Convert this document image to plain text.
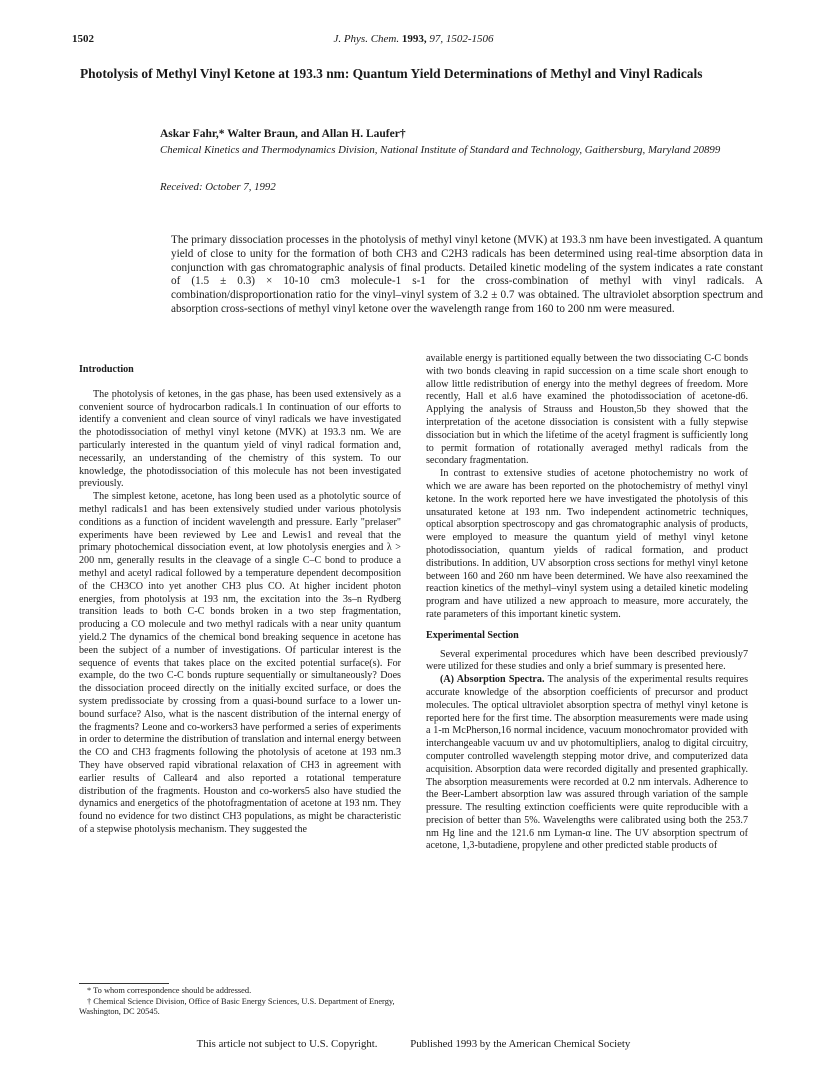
1502	J. Phys. Chem. 1993, 97, 1502-1506
Photolysis of Methyl Vinyl Ketone at 193.3 nm: Quantum Yield Determinations of Methyl and Vinyl Radicals
Askar Fahr,* Walter Braun, and Allan H. Laufer†
Chemical Kinetics and Thermodynamics Division, National Institute of Standard and Technology, Gaithersburg, Maryland 20899
Received: October 7, 1992
The primary dissociation processes in the photolysis of methyl vinyl ketone (MVK) at 193.3 nm have been investigated. A quantum yield of close to unity for the formation of both CH3 and C2H3 radicals has been determined using real-time absorption data in conjunction with gas chromatographic analysis of final products. Detailed kinetic modeling of the system indicates a rate constant of (1.5 ± 0.3) × 10-10 cm3 molecule-1 s-1 for the cross-combination of methyl with vinyl radicals. A combination/disproportionation ratio for the vinyl–vinyl system of 3.2 ± 0.7 was obtained. The ultraviolet absorption spectrum and absorption cross-sections of methyl vinyl ketone over the wavelength range from 160 to 200 nm were measured.
Introduction

The photolysis of ketones, in the gas phase, has been used extensively as a convenient source of hydrocarbon radicals.1 In continuation of our efforts to identify a convenient and clean source of vinyl radicals we have investigated the photodissociation of methyl vinyl ketone (MVK) at 193.3 nm. We are particularly interested in the quantum yield of vinyl radical formation and, necessarily, an understanding of the chemistry of this system. To our knowledge, the photodissociation of this molecule has not been investigated previously.

The simplest ketone, acetone, has long been used as a photolytic source of methyl radicals1 and has been extensively studied under various photolysis conditions as a function of incident wavelength and pressure. Early "prelaser" experiments have been reviewed by Lee and Lewis1 and reveal that the primary photochemical dissociation event, at low photolysis energies and λ > 200 nm, generally results in the cleavage of a single C–C bond to produce a methyl and acetyl radical followed by a temperature dependent decomposition of the CH3CO into yet another CH3 plus CO. At higher incident photon energies, from photolysis at 193 nm, the excitation into the 3s–n Rydberg transition leads to both C-C bonds broken in a two step fragmentation, producing a CO molecule and two methyl radicals with a near unity quantum yield.2 The dynamics of the chemical bond breaking sequence in acetone has been the subject of a number of investigations. Of particular interest is the sequence of events that takes place on the excited potential surface(s). For example, do the two C-C bonds rupture sequentially or simultaneously? Does the dissociation proceed directly on the initially excited surface, or does the system predissociate by crossing from a quasi-bound surface to a lower un-bound surface? Also, what is the nascent distribution of the internal energy of the fragments? Leone and co-workers3 have performed a series of experiments in order to determine the distribution of translation and internal energy between the CO and CH3 fragments following the photolysis of acetone at 193 nm.3 They have observed rapid vibrational relaxation of CH3 in agreement with earlier results of Callear4 and also reported a rotational temperature distribution of the fragments. Houston and co-workers5 also have studied the dynamics and energetics of the photofragmentation of acetone at 193 nm. They found no evidence for two distinct CH3 populations, as might be characteristic of a stepwise photolysis mechanism. They suggested the

available energy is partitioned equally between the two dissociating C-C bonds with two bonds cleaving in rapid succession on a time scale short enough to allow little redistribution of energy into the methyl degrees of freedom. More recently, Hall et al.6 have examined the photodissociation of acetone-d6. Applying the analysis of Strauss and Houston,5b they showed that the interpretation of the acetone dissociation is consistent with a fully stepwise dissociation but in which the lifetime of the acetyl fragment is sufficiently long to permit formation of rotationally averaged methyl radicals from the secondary fragmentation.

In contrast to extensive studies of acetone photochemistry no work of which we are aware has been reported on the photochemistry of methyl vinyl ketone. In the work reported here we have investigated the photolysis of this unsaturated ketone at 193 nm. Two independent actinometric techniques, optical absorption spectroscopy and gas chromatographic analysis of products, were employed to measure the quantum yield of methyl vinyl ketone photodissociation, quantum yields of radical formation, and product distributions. In addition, UV absorption cross sections for methyl vinyl ketone between 160 and 260 nm have been determined. We have also reexamined the reaction kinetics of the methyl–vinyl system using a detailed kinetic modeling program and have utilized a new approach to measure, more accurately, the rate parameters of this important kinetic system.

Experimental Section

Several experimental procedures which have been described previously7 were utilized for these studies and only a brief summary is presented here.

(A) Absorption Spectra. The analysis of the experimental results requires accurate knowledge of the absorption coefficients of precursor and product molecules. The optical ultraviolet absorption spectra of methyl vinyl ketone is reported here for the first time. The absorption measurements were made using a 1-m McPherson,16 normal incidence, vacuum monochromator provided with interchangeable vacuum uv and uv photomultipliers, analog to digital circuitry, computer controlled wavelength stepping motor drive, and computerized data acquisition. Absorption data were recorded digitally and presented graphically. The absorption measurements were recorded at 0.2 nm intervals. Adherence to the Beer-Lambert absorption law was assured through variation of the sample pressure. The resulting extinction coefficients were quite reproducible with a precision of better than 5%. Wavelengths were calibrated using both the 253.7 nm Hg line and the 121.6 nm Lyman-α line. The UV absorption spectrum of acetone, 1,3-butadiene, propylene and other predicted stable products of

* To whom correspondence should be addressed.
† Chemical Science Division, Office of Basic Energy Sciences, U.S. Department of Energy, Washington, DC 20545.
This article not subject to U.S. Copyright.	Published 1993 by the American Chemical Society
